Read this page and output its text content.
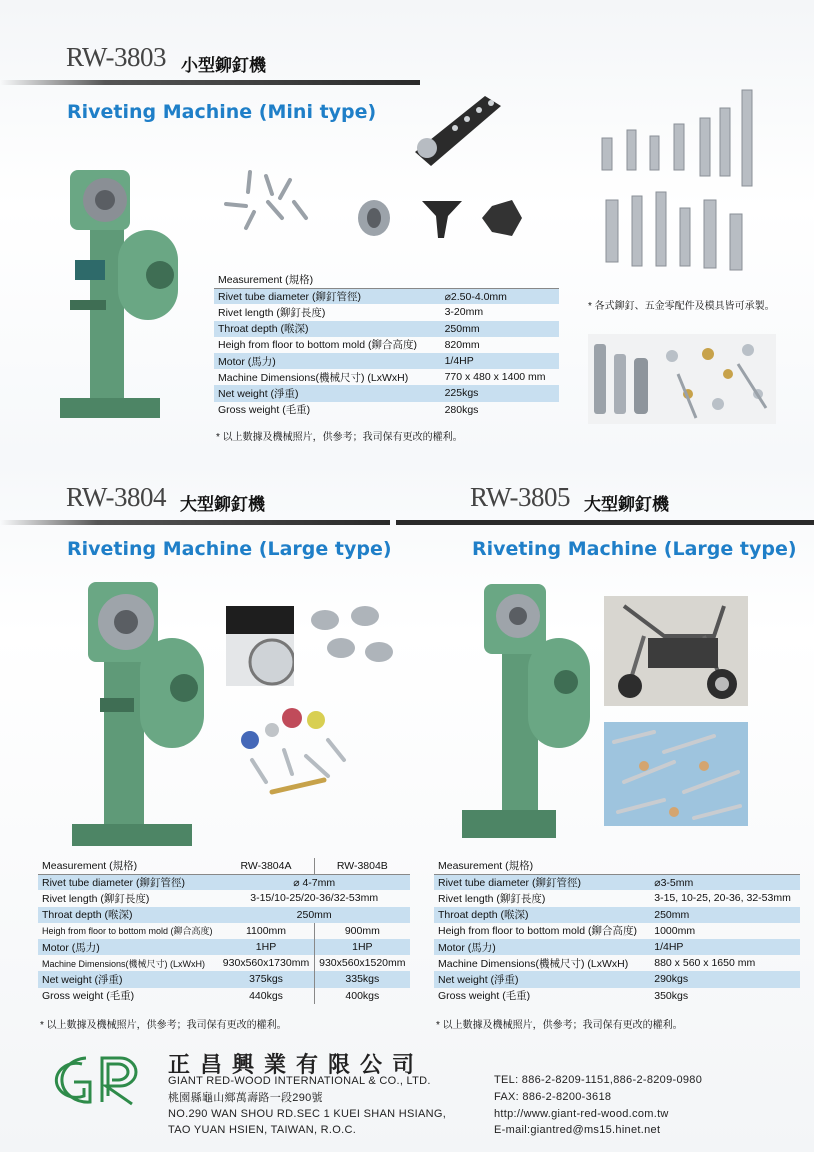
RW-3803 小型鉚釘機
Riveting Machine (Mini type)
* 各式鉚釘、五金零配件及模具皆可承製。
Measurement (規格)	
Rivet tube diameter (鉚釘管徑)	⌀2.50-4.0mm
Rivet length (鉚釘長度)	3-20mm
Throat depth (喉深)	250mm
Heigh from floor to bottom mold (鉚合高度)	820mm
Motor (馬力)	1/4HP
Machine Dimensions(機械尺寸) (LxWxH)	770 x 480 x 1400 mm
Net weight (淨重)	225kgs
Gross weight (毛重)	280kgs
* 以上數據及機械照片，供參考；我司保有更改的權利。
RW-3804 大型鉚釘機
Riveting Machine (Large type)
Measurement (規格)	RW-3804A	RW-3804B
Rivet tube diameter (鉚釘管徑)	⌀ 4-7mm	
Rivet length (鉚釘長度)	3-15/10-25/20-36/32-53mm	
Throat depth (喉深)	250mm	
Heigh from floor to bottom mold (鉚合高度)	1100mm	900mm
Motor (馬力)	1HP	1HP
Machine Dimensions(機械尺寸) (LxWxH)	930x560x1730mm	930x560x1520mm
Net weight (淨重)	375kgs	335kgs
Gross weight (毛重)	440kgs	400kgs
* 以上數據及機械照片，供參考；我司保有更改的權利。
RW-3805 大型鉚釘機
Riveting Machine (Large type)
Measurement (規格)	
Rivet tube diameter (鉚釘管徑)	⌀3-5mm
Rivet length (鉚釘長度)	3-15, 10-25, 20-36, 32-53mm
Throat depth (喉深)	250mm
Heigh from floor to bottom mold (鉚合高度)	1000mm
Motor (馬力)	1/4HP
Machine Dimensions(機械尺寸) (LxWxH)	880 x 560 x 1650 mm
Net weight (淨重)	290kgs
Gross weight (毛重)	350kgs
* 以上數據及機械照片，供參考；我司保有更改的權利。
正昌興業有限公司
GIANT RED-WOOD INTERNATIONAL & CO., LTD.
桃園縣龜山鄉萬壽路一段290號
NO.290 WAN SHOU RD.SEC 1 KUEI SHAN HSIANG,
TAO YUAN HSIEN, TAIWAN, R.O.C.
TEL: 886-2-8209-1151,886-2-8209-0980
FAX: 886-2-8200-3618
http://www.giant-red-wood.com.tw
E-mail:giantred@ms15.hinet.net
